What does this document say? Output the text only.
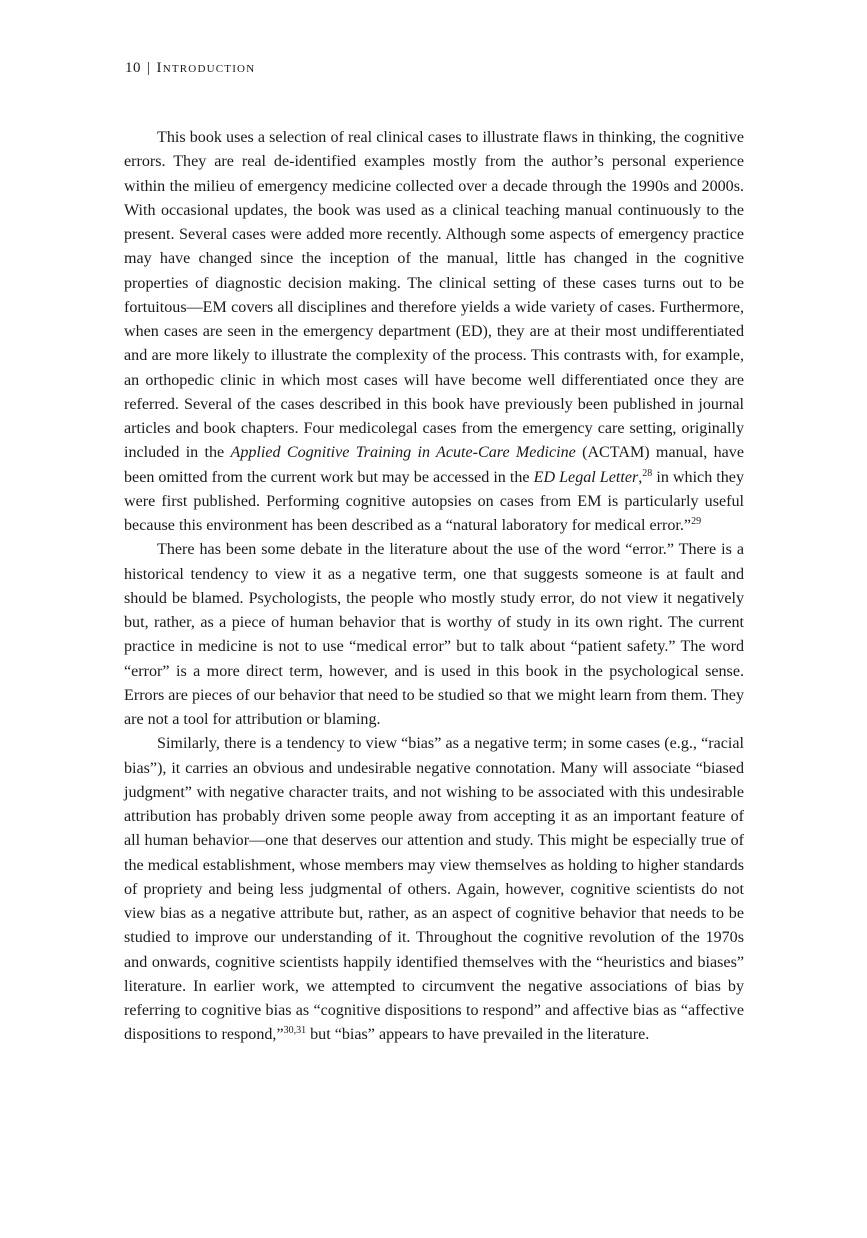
10 | Introduction

This book uses a selection of real clinical cases to illustrate flaws in thinking, the cognitive errors. They are real de-identified examples mostly from the author’s personal experience within the milieu of emergency medicine collected over a decade through the 1990s and 2000s. With occasional updates, the book was used as a clinical teaching manual continuously to the present. Several cases were added more recently. Although some aspects of emergency practice may have changed since the inception of the manual, little has changed in the cognitive properties of diagnostic decision making. The clinical setting of these cases turns out to be fortuitous—EM covers all disciplines and therefore yields a wide variety of cases. Furthermore, when cases are seen in the emergency department (ED), they are at their most undifferentiated and are more likely to illustrate the complexity of the process. This contrasts with, for example, an orthopedic clinic in which most cases will have become well differentiated once they are referred. Several of the cases described in this book have previously been published in journal articles and book chapters. Four medicolegal cases from the emergency care setting, originally included in the Applied Cognitive Training in Acute-Care Medicine (ACTAM) manual, have been omitted from the current work but may be accessed in the ED Legal Letter,$^{28}$ in which they were first published. Performing cognitive autopsies on cases from EM is particularly useful because this environment has been described as a “natural laboratory for medical error.”$^{29}$

There has been some debate in the literature about the use of the word “error.” There is a historical tendency to view it as a negative term, one that suggests someone is at fault and should be blamed. Psychologists, the people who mostly study error, do not view it negatively but, rather, as a piece of human behavior that is worthy of study in its own right. The current practice in medicine is not to use “medical error” but to talk about “patient safety.” The word “error” is a more direct term, however, and is used in this book in the psychological sense. Errors are pieces of our behavior that need to be studied so that we might learn from them. They are not a tool for attribution or blaming.

Similarly, there is a tendency to view “bias” as a negative term; in some cases (e.g., “racial bias”), it carries an obvious and undesirable negative connotation. Many will associate “biased judgment” with negative character traits, and not wishing to be associated with this undesirable attribution has probably driven some people away from accepting it as an important feature of all human behavior—one that deserves our attention and study. This might be especially true of the medical establishment, whose members may view themselves as holding to higher standards of propriety and being less judgmental of others. Again, however, cognitive scientists do not view bias as a negative attribute but, rather, as an aspect of cognitive behavior that needs to be studied to improve our understanding of it. Throughout the cognitive revolution of the 1970s and onwards, cognitive scientists happily identified themselves with the “heuristics and biases” literature. In earlier work, we attempted to circumvent the negative associations of bias by referring to cognitive bias as “cognitive dispositions to respond” and affective bias as “affective dispositions to respond,”$^{30,31}$ but “bias” appears to have prevailed in the literature.
